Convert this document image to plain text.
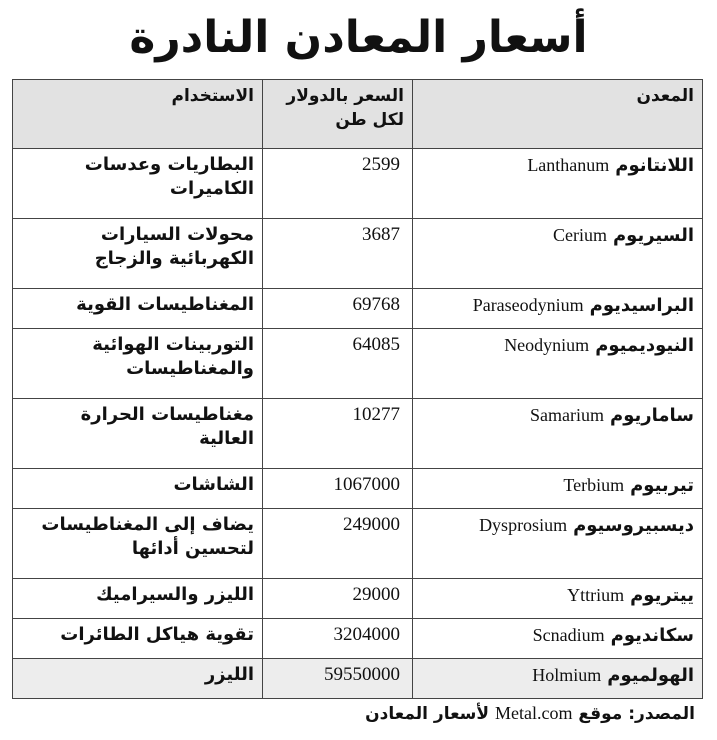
أسعار المعادن النادرة
المعدن	السعر بالدولار لكل طن	الاستخدام
اللانتانومLanthanum	2599	البطاريات وعدسات الكاميرات
السيريومCerium	3687	محولات السيارات الكهربائية والزجاج
البراسيديومParaseodynium	69768	المغناطيسات القوية
النيوديميومNeodynium	64085	التوربينات الهوائية والمغناطيسات
ساماريومSamarium	10277	مغناطيسات الحرارة العالية
تيربيومTerbium	1067000	الشاشات
ديسبيروسيومDysprosium	249000	يضاف إلى المغناطيسات لتحسين أدائها
ييتريومYttrium	29000	الليزر والسيراميك
سكانديومScnadium	3204000	تقوية هياكل الطائرات
الهولميومHolmium	59550000	الليزر
المصدر: موقع Metal.com لأسعار المعادن
